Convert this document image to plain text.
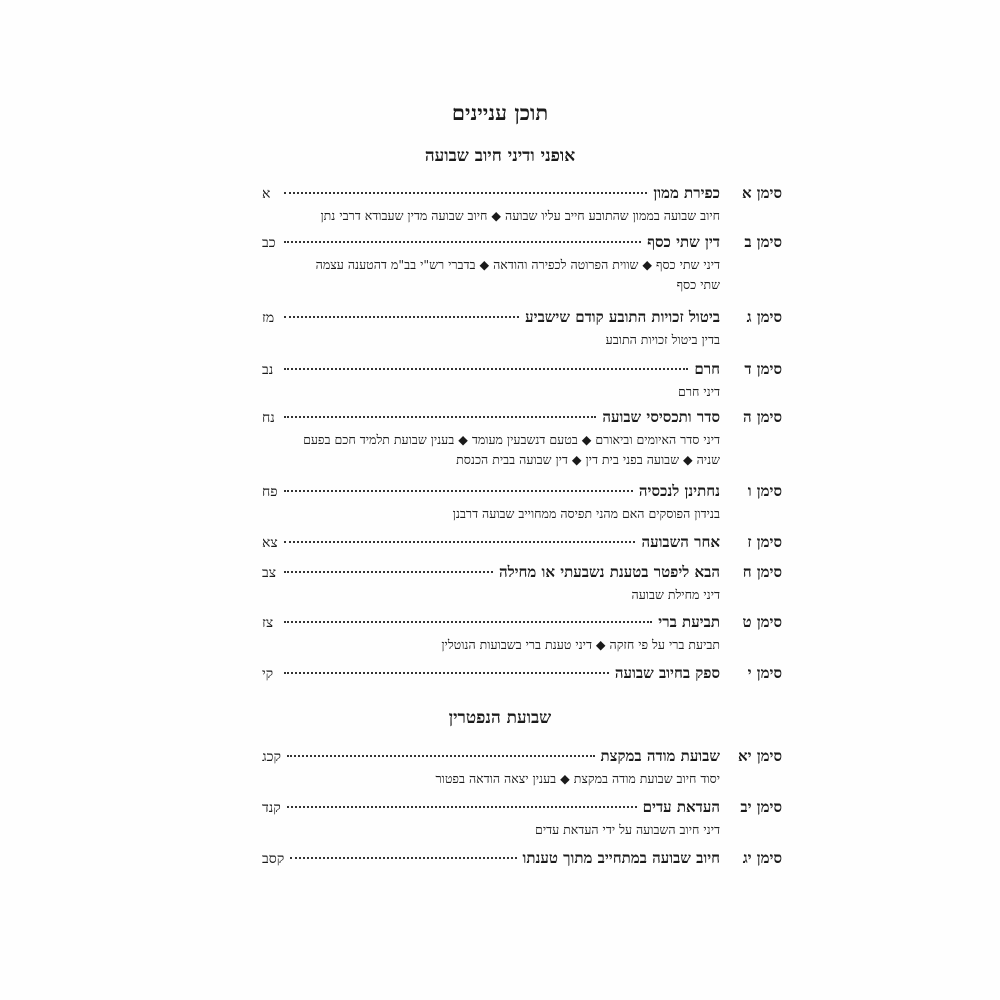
תוכן עניינים
אופני ודיני חיוב שבועה
סימן א
כפירת ממון
א
חיוב שבועה בממון שהתובע חייב עליו שבועה ◆ חיוב שבועה מדין שעבודא דרבי נתן
סימן ב
דין שתי כסף
כב
דיני שתי כסף ◆ שווית הפרוטה לכפירה והודאה ◆ בדברי רש"י בב"מ דהטענה עצמה
שתי כסף
סימן ג
ביטול זכויות התובע קודם שישביע
מז
בדין ביטול זכויות התובע
סימן ד
חרם
נב
דיני חרם
סימן ה
סדר ותכסיסי שבועה
נח
דיני סדר האיומים וביאורם ◆ בטעם דנשבעין מעומד ◆ בענין שבועת תלמיד חכם בפעם
שניה ◆ שבועה בפני בית דין ◆ דין שבועה בבית הכנסת
סימן ו
נחתינן לנכסיה
פח
בנידון הפוסקים האם מהני תפיסה ממחוייב שבועה דרבנן
סימן ז
אחר השבועה
צא
סימן ח
הבא ליפטר בטענת נשבעתי או מחילה
צב
דיני מחילת שבועה
סימן ט
תביעת ברי
צז
תביעת ברי על פי חזקה ◆ דיני טענת ברי בשבועות הנוטלין
סימן י
ספק בחיוב שבועה
קי
שבועת הנפטרין
סימן יא
שבועת מודה במקצת
קכג
יסוד חיוב שבועת מודה במקצת ◆ בענין יצאה הודאה בפטור
סימן יב
העדאת עדים
קנד
דיני חיוב השבועה על ידי העדאת עדים
סימן יג
חיוב שבועה במתחייב מתוך טענתו
קסב
